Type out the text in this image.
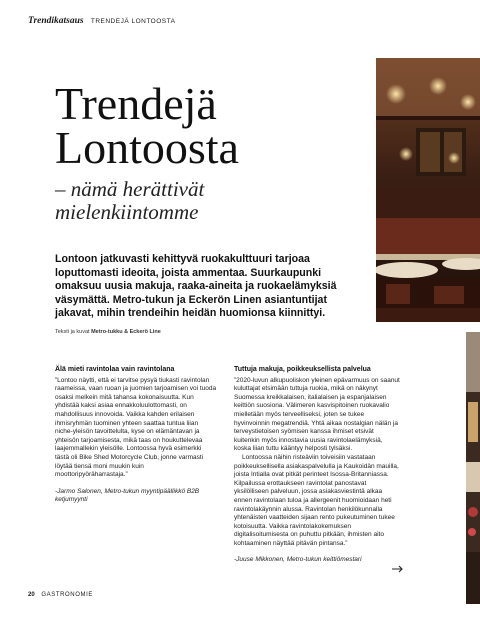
Trendikatsaus TRENDEJÄ LONTOOSTA
Trendejä
Lontoosta

– nämä herättivät mielenkiintomme

Lontoon jatkuvasti kehittyvä ruokakulttuuri tarjoaa loputtomasti ideoita, joista ammentaa. Suurkaupunki omaksuu uusia makuja, raaka-aineita ja ruokaelämyksiä väsymättä. Metro-tukun ja Eckerön Linen asiantuntijat jakavat, mihin trendeihin heidän huomionsa kiinnittyi.

Teksti ja kuvat Metro-tukku & Eckerö Line
Älä mieti ravintolaa vain ravintolana

”Lontoo näytti, että ei tarvitse pysyä tiukasti ravintolan raameissa, vaan ruoan ja juomien tarjoamisen voi tuoda osaksi melkein mitä tahansa kokonaisuutta. Kun yhdistää kaksi asiaa ennakkoluulottomasti, on mahdollisuus innovoida. Vaikka kahden erilaisen ihmisryhmän tuominen yhteen saattaa tuntua liian niche-yleisön tavoittelulta, kyse on elämäntavan ja yhteisön tarjoamisesta, mikä taas on houkuttelevaa laajemmallekin yleisölle. Lontoossa hyvä esimerkki tästä oli Bike Shed Motorcycle Club, jonne varmasti löytää tiensä moni muukin kuin moottoripyöräharrastaja.”

-Jarmo Salonen, Metro-tukun myyntipäällikkö B2B ketjumyynti

Tuttuja makuja, poikkeuksellista palvelua

”2020-luvun alkupuoliskon yleinen epävarmuus on saanut kuluttajat etsimään tuttuja ruokia, mikä on näkynyt Suomessa kreikkalaisen, italialaisen ja espanjalaisen keittiön suosiona. Välimeren kasvispitoinen ruokavalio mielletään myös terveelliseksi, joten se tukee hyvinvoinnin megatrendiä. Yhtä aikaa nostalgian nälän ja terveystietoisen syömisen kanssa ihmiset etsivät kuitenkin myös innostavia uusia ravintolaelämyksiä, koska liian tuttu kääntyy helposti tylsäksi.

Lontoossa näihin risteäviin toiveisiin vastataan poikkeuksellisella asiakaspalvelulla ja Kaukoidän mauilla, joista Intialla ovat pitkät perinteet Isossa-Britanniassa. Kilpailussa erottaukseen ravintolat panostavat yksilölliseen palveluun, jossa asiakasviestintä alkaa ennen ravintolaan tuloa ja allergeenit huomioidaan heti ravintolakäynnin alussa. Ravintolan henkilökunnalla yhtenäisten vaatteiden sijaan rento pukeutuminen tukee kotoisuutta. Vaikka ravintolakokemuksen digitalisoitumisesta on puhuttu pitkään, ihmisten aito kohtaaminen näyttää pitävän pintansa.”

-Juuse Mikkonen, Metro-tukun keittiömestari

20 GASTRONOMIE
